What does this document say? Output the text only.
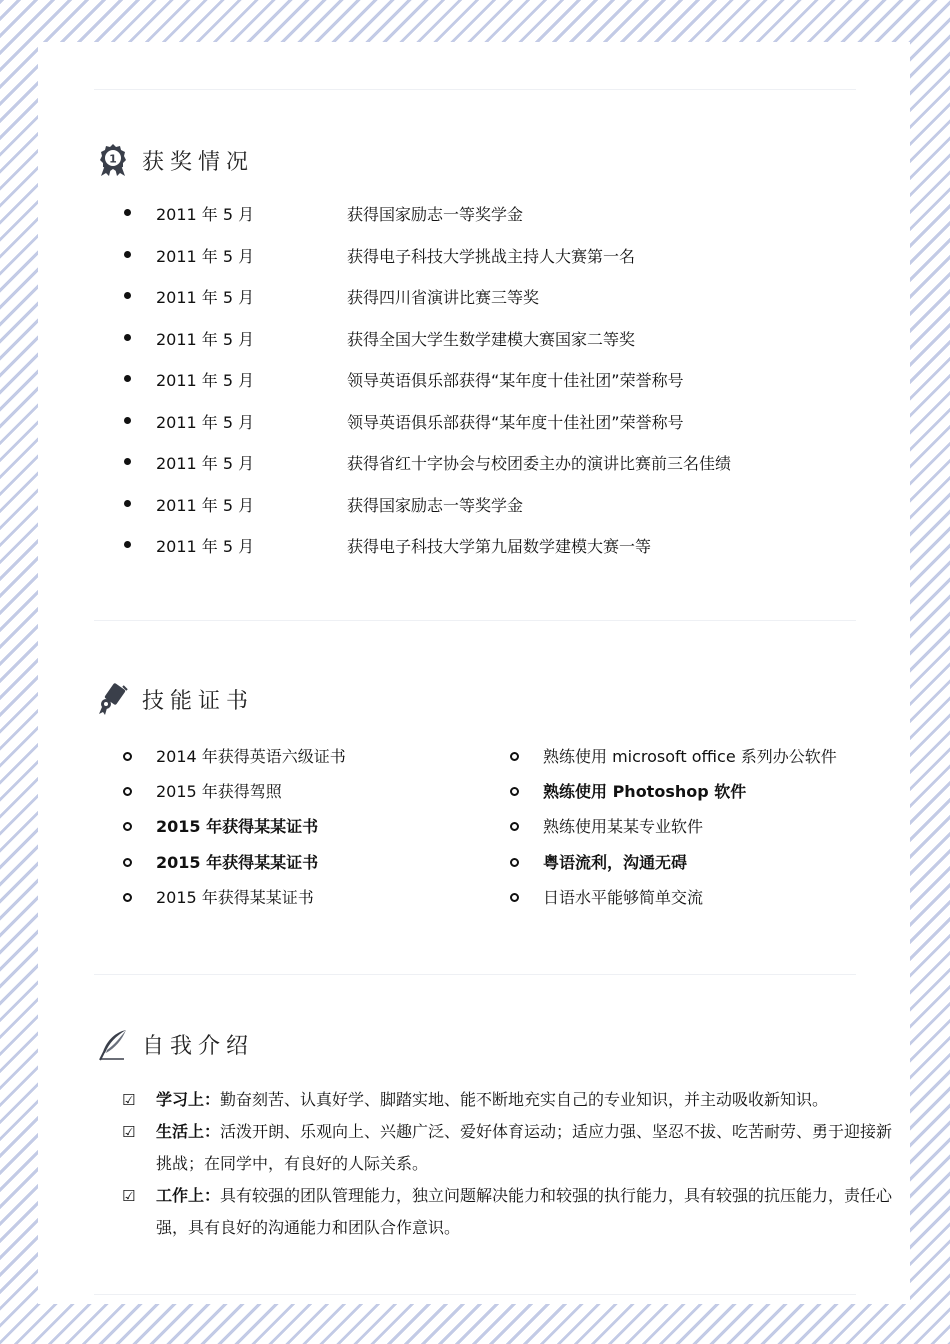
1 获奖情况
2011 年 5 月	获得国家励志一等奖学金
2011 年 5 月	获得电子科技大学挑战主持人大赛第一名
2011 年 5 月	获得四川省演讲比赛三等奖
2011 年 5 月	获得全国大学生数学建模大赛国家二等奖
2011 年 5 月	领导英语俱乐部获得“某年度十佳社团”荣誉称号
2011 年 5 月	领导英语俱乐部获得“某年度十佳社团”荣誉称号
2011 年 5 月	获得省红十字协会与校团委主办的演讲比赛前三名佳绩
2011 年 5 月	获得国家励志一等奖学金
2011 年 5 月	获得电子科技大学第九届数学建模大赛一等
技能证书
2014 年获得英语六级证书
2015 年获得驾照
2015 年获得某某证书
2015 年获得某某证书
2015 年获得某某证书
熟练使用 microsoft office 系列办公软件
熟练使用 Photoshop 软件
熟练使用某某专业软件
粤语流利，沟通无碍
日语水平能够简单交流
自我介绍
☑ 学习上：勤奋刻苦、认真好学、脚踏实地、能不断地充实自己的专业知识，并主动吸收新知识。
☑ 生活上：活泼开朗、乐观向上、兴趣广泛、爱好体育运动；适应力强、坚忍不拔、吃苦耐劳、勇于迎接新挑战；在同学中，有良好的人际关系。
☑ 工作上：具有较强的团队管理能力，独立问题解决能力和较强的执行能力，具有较强的抗压能力，责任心强，具有良好的沟通能力和团队合作意识。
